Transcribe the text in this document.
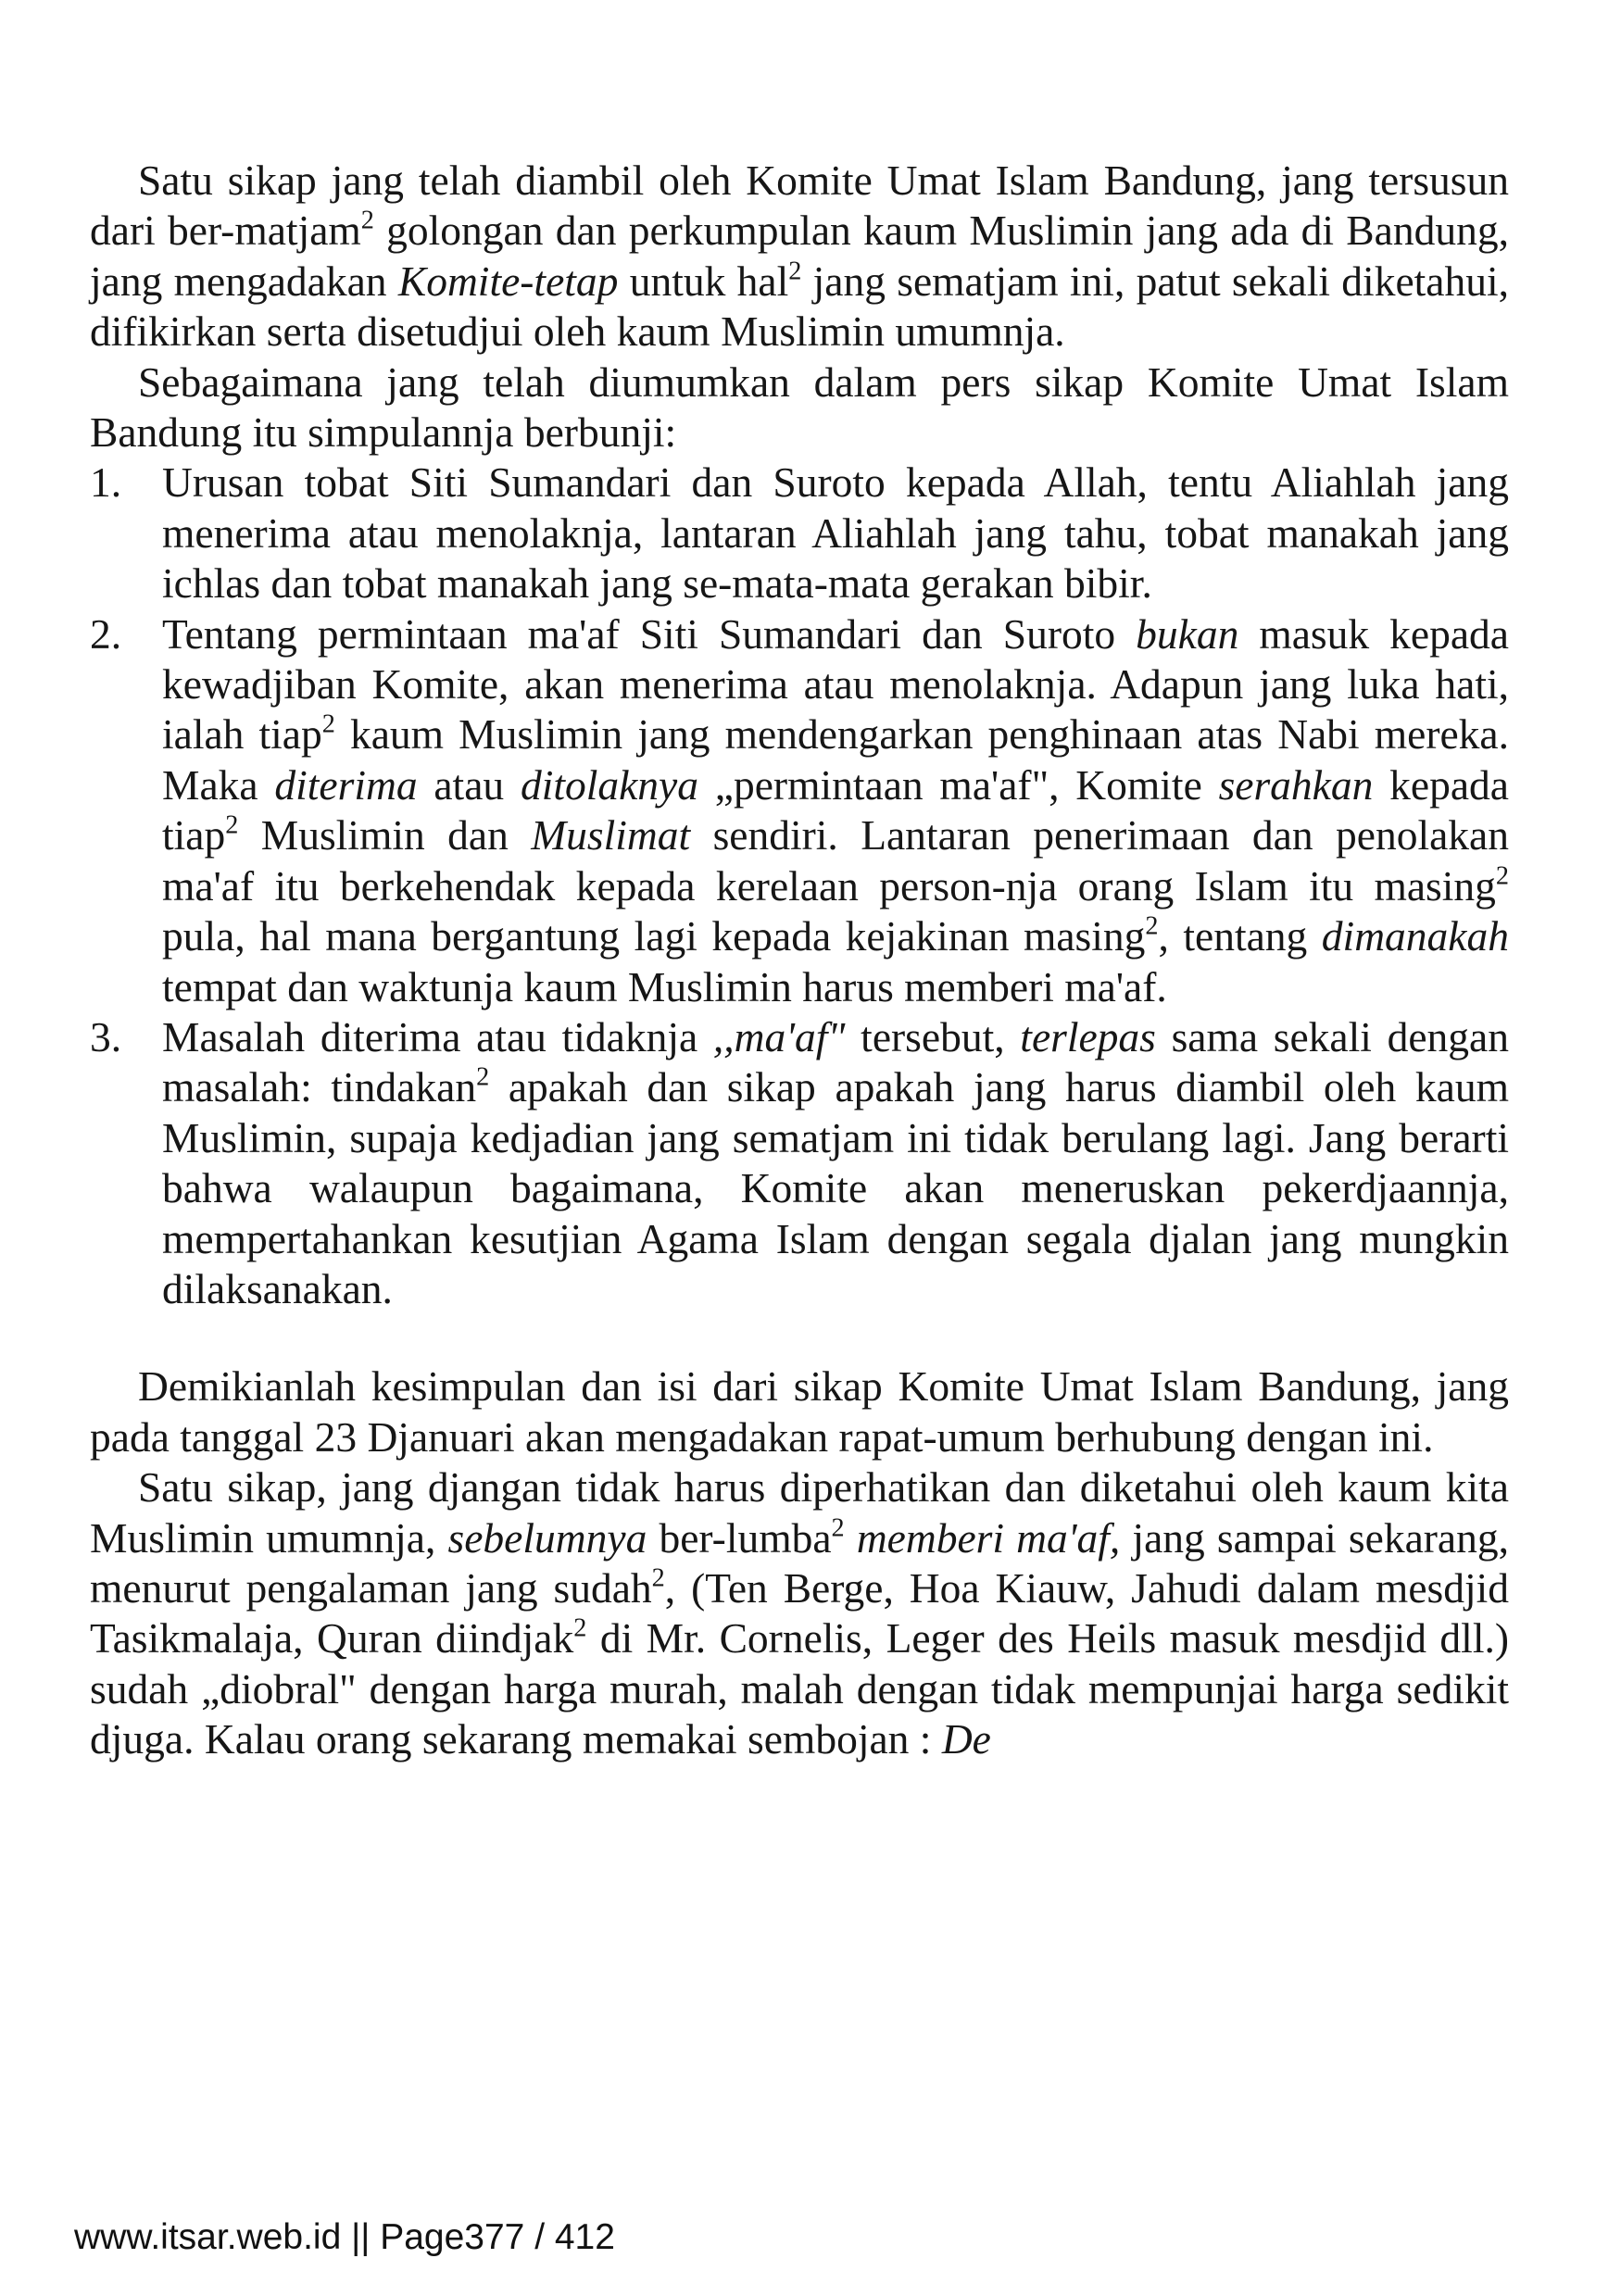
Satu sikap jang telah diambil oleh Komite Umat Islam Bandung, jang tersusun dari ber-matjam$^2$ golongan dan perkumpulan kaum Muslimin jang ada di Bandung, jang mengadakan Komite-tetap untuk hal$^2$ jang sematjam ini, patut sekali diketahui, difikirkan serta disetudjui oleh kaum Muslimin umumnja.

Sebagaimana jang telah diumumkan dalam pers sikap Komite Umat Islam Bandung itu simpulannja berbunji:

1. Urusan tobat Siti Sumandari dan Suroto kepada Allah, tentu Aliahlah jang menerima atau menolaknja, lantaran Aliahlah jang tahu, tobat manakah jang ichlas dan tobat manakah jang se-mata-mata gerakan bibir.
2. Tentang permintaan ma'af Siti Sumandari dan Suroto bukan masuk kepada kewadjiban Komite, akan menerima atau menolaknja. Adapun jang luka hati, ialah tiap$^2$ kaum Muslimin jang mendengarkan penghinaan atas Nabi mereka. Maka diterima atau ditolaknya „permintaan ma'af", Komite serahkan kepada tiap$^2$ Muslimin dan Muslimat sendiri. Lantaran penerimaan dan penolakan ma'af itu berkehendak kepada kerelaan person-nja orang Islam itu masing$^2$ pula, hal mana bergantung lagi kepada kejakinan masing$^2$, tentang dimanakah tempat dan waktunja kaum Muslimin harus memberi ma'af.
3. Masalah diterima atau tidaknja ,,ma'af" tersebut, terlepas sama sekali dengan masalah: tindakan$^2$ apakah dan sikap apakah jang harus diambil oleh kaum Muslimin, supaja kedjadian jang sematjam ini tidak berulang lagi. Jang berarti bahwa walaupun bagaimana, Komite akan meneruskan pekerdjaannja, mempertahankan kesutjian Agama Islam dengan segala djalan jang mungkin dilaksanakan.

Demikianlah kesimpulan dan isi dari sikap Komite Umat Islam Bandung, jang pada tanggal 23 Djanuari akan mengadakan rapat-umum berhubung dengan ini.

Satu sikap, jang djangan tidak harus diperhatikan dan diketahui oleh kaum kita Muslimin umumnja, sebelumnya ber-lumba$^2$ memberi ma'af, jang sampai sekarang, menurut pengalaman jang sudah$^2$, (Ten Berge, Hoa Kiauw, Jahudi dalam mesdjid Tasikmalaja, Quran diindjak$^2$ di Mr. Cornelis, Leger des Heils masuk mesdjid dll.) sudah „diobral" dengan harga murah, malah dengan tidak mempunjai harga sedikit djuga. Kalau orang sekarang memakai sembojan : De

www.itsar.web.id || Page377 / 412
